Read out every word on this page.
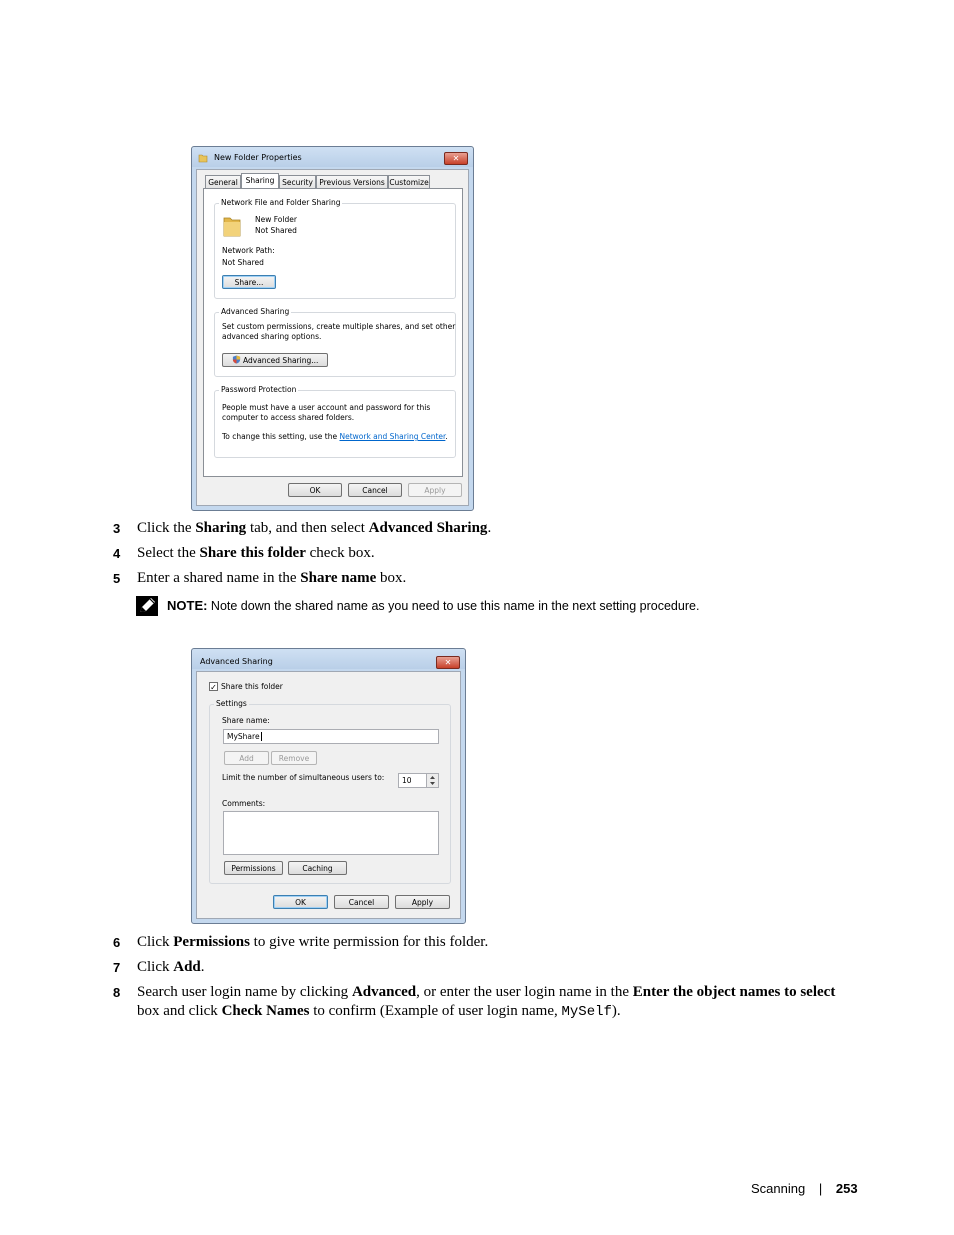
New Folder Properties	✕
General	Sharing	Security Previous Versions Customize
Network File and Folder Sharing
New Folder
Not Shared
Network Path:
Not Shared
Share...
Advanced Sharing
Set custom permissions, create multiple shares, and set other
advanced sharing options.
Advanced Sharing...
Password Protection
People must have a user account and password for this
computer to access shared folders.
To change this setting, use the Network and Sharing Center.
OK	Cancel	Apply
3 Click the Sharing tab, and then select Advanced Sharing.
4 Select the Share this folder check box.
5 Enter a shared name in the Share name box.
NOTE: Note down the shared name as you need to use this name in the next setting procedure.
Advanced Sharing	✕
✓ Share this folder
Settings
Share name:
MyShare
Add	Remove
Limit the number of simultaneous users to:	10
Comments:
Permissions	Caching
OK	Cancel	Apply
6 Click Permissions to give write permission for this folder.
7 Click Add.
8 Search user login name by clicking Advanced, or enter the user login name in the Enter the object names to select
box and click Check Names to confirm (Example of user login name, MySelf).
Scanning | 253
